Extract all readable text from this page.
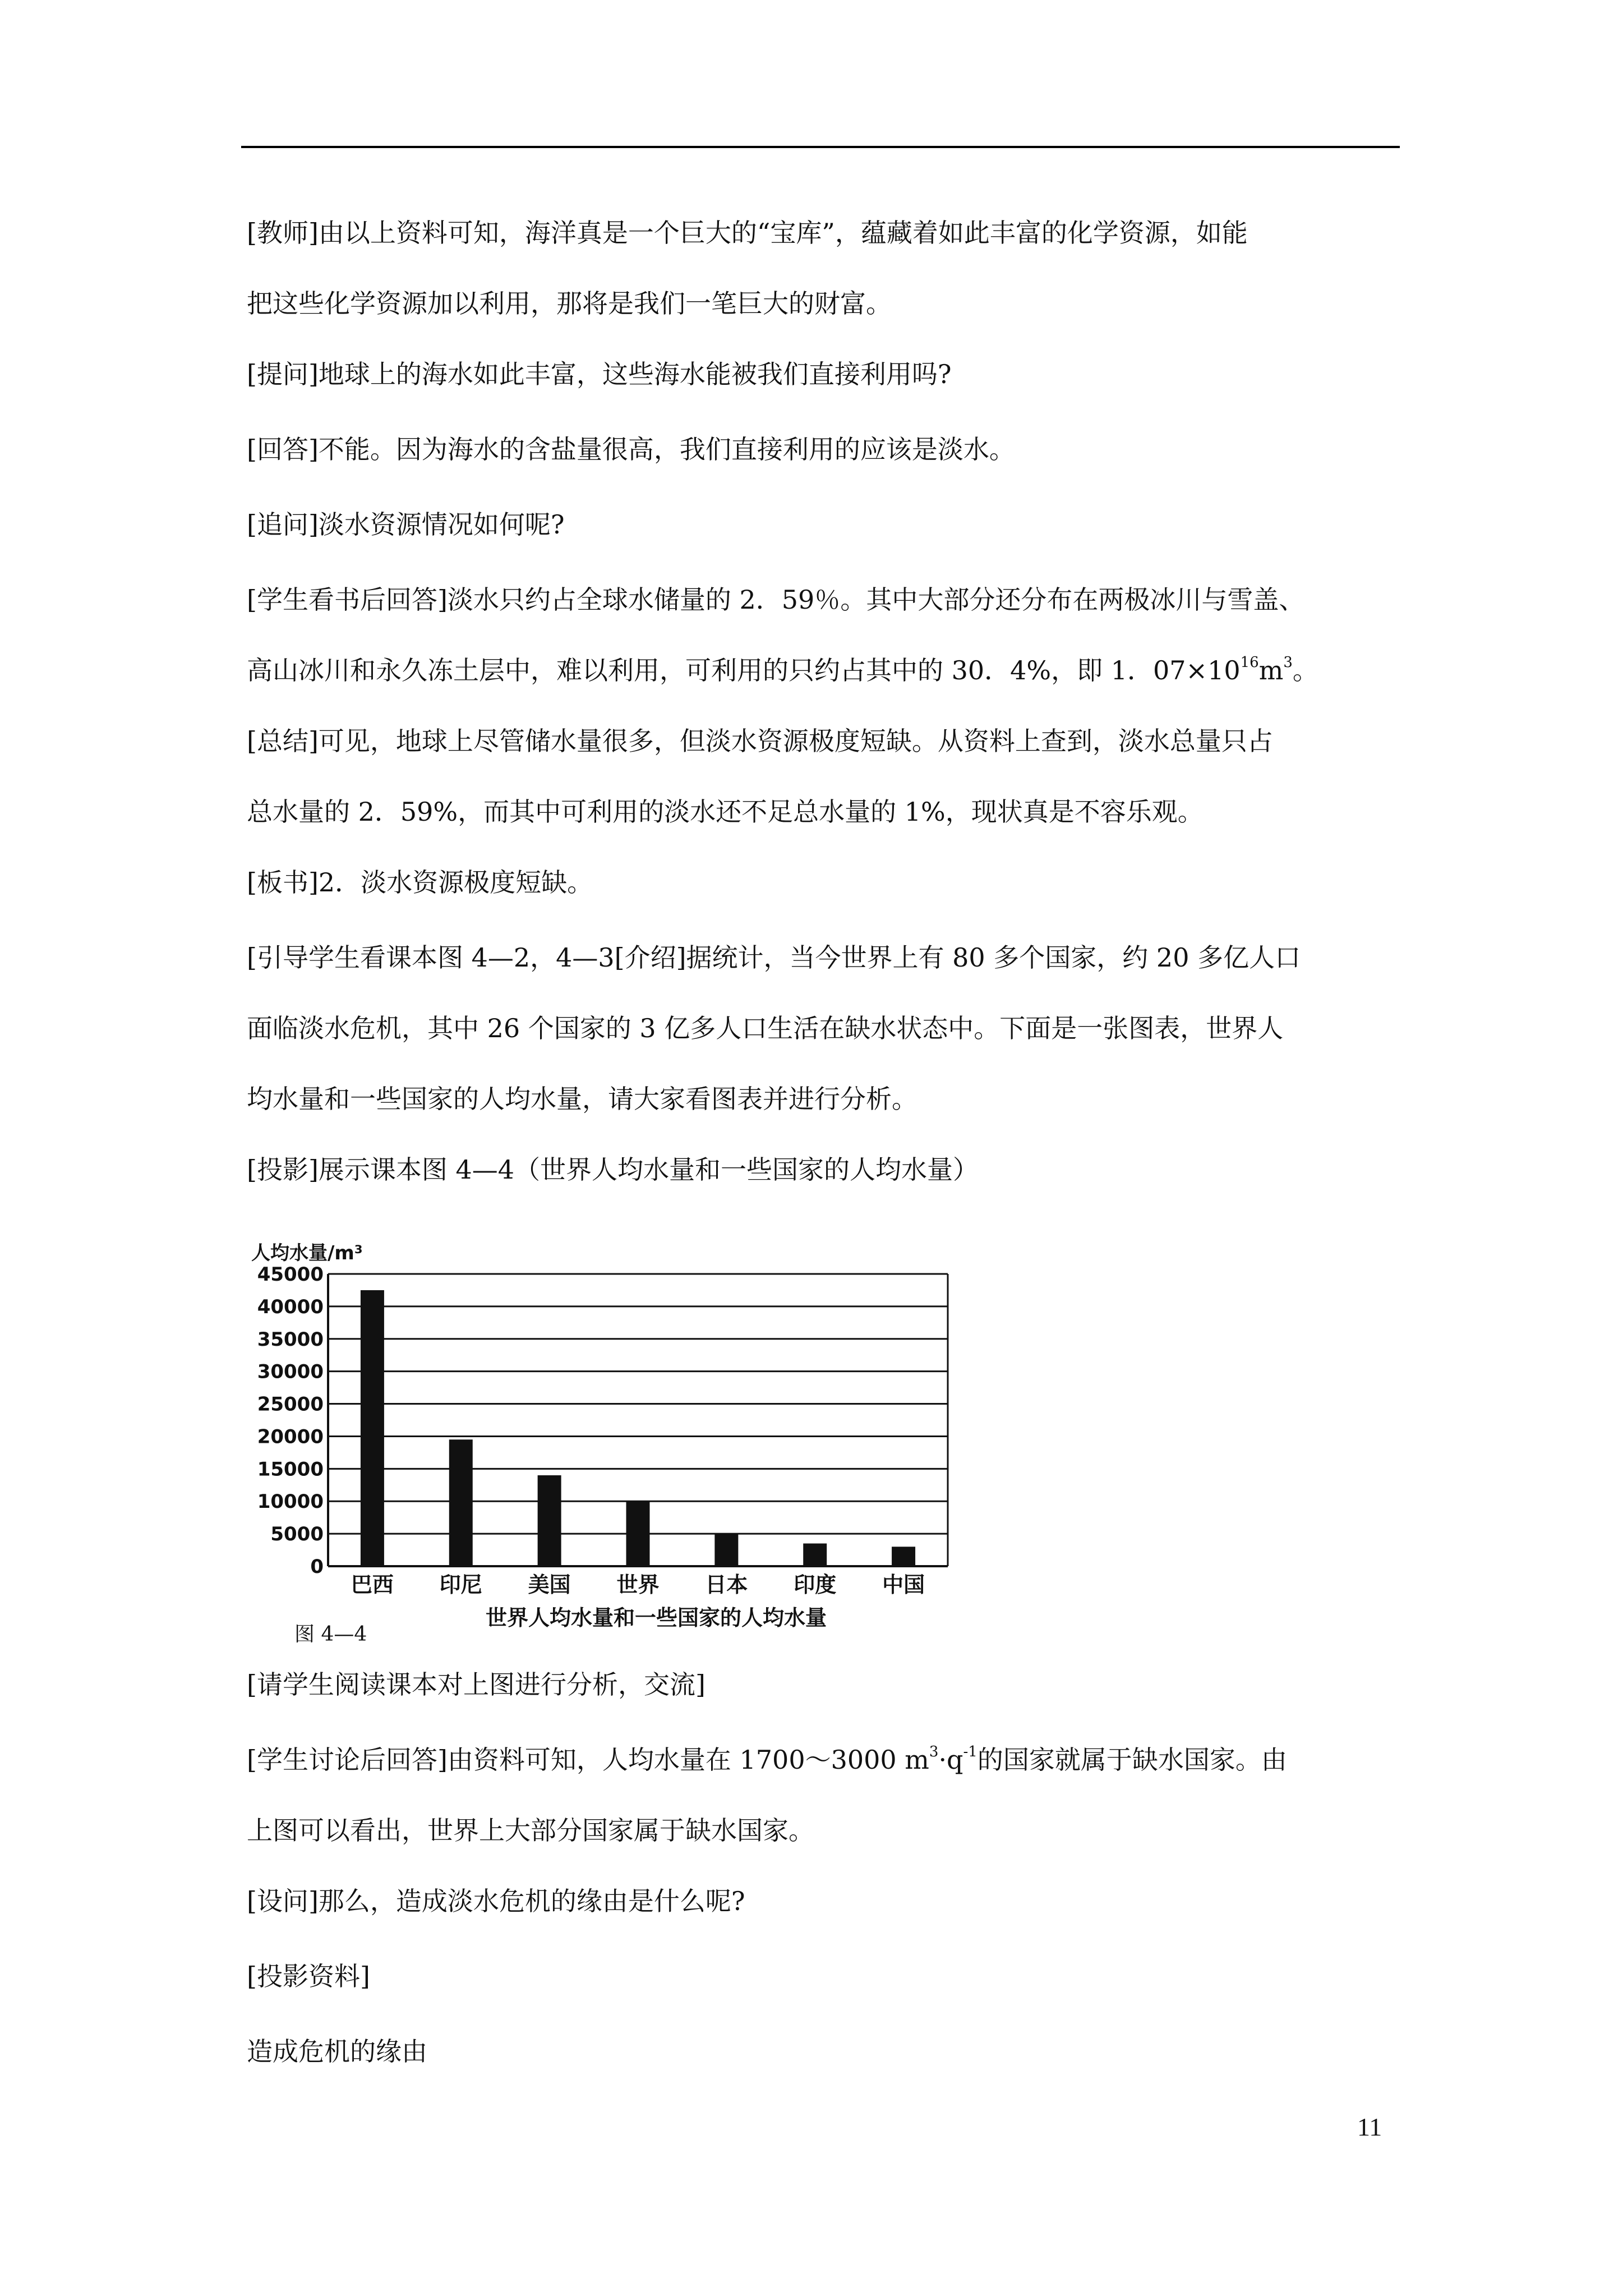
[教师]由以上资料可知，海洋真是一个巨大的“宝库”，蕴藏着如此丰富的化学资源，如能
把这些化学资源加以利用，那将是我们一笔巨大的财富。

[提问]地球上的海水如此丰富，这些海水能被我们直接利用吗?

[回答]不能。因为海水的含盐量很高，我们直接利用的应该是淡水。

[追问]淡水资源情况如何呢?

[学生看书后回答]淡水只约占全球水储量的 2．59％。其中大部分还分布在两极冰川与雪盖、
高山冰川和永久冻土层中，难以利用，可利用的只约占其中的 30．4%，即 1．$07\times 10^{16}m^3$。

[总结]可见，地球上尽管储水量很多，但淡水资源极度短缺。从资料上查到，淡水总量只占
总水量的 2．59%，而其中可利用的淡水还不足总水量的 1%，现状真是不容乐观。

[板书]2．淡水资源极度短缺。

[引导学生看课本图 4—2，4—3[介绍]据统计，当今世界上有 80 多个国家，约 20 多亿人口
面临淡水危机，其中 26 个国家的 3 亿多人口生活在缺水状态中。下面是一张图表，世界人
均水量和一些国家的人均水量，请大家看图表并进行分析。

[投影]展示课本图 4—4（世界人均水量和一些国家的人均水量）

人均水量/m³
0
5000
10000
15000
20000
25000
30000
35000
40000
45000
巴西 印尼 美国 世界 日本 印度 中国
世界人均水量和一些国家的人均水量
图 4—4

[请学生阅读课本对上图进行分析，交流]

[学生讨论后回答]由资料可知，人均水量在 1700～3000 $m^3\cdot q^{-1}$的国家就属于缺水国家。由
上图可以看出，世界上大部分国家属于缺水国家。

[设问]那么，造成淡水危机的缘由是什么呢?

[投影资料]

造成危机的缘由

11
